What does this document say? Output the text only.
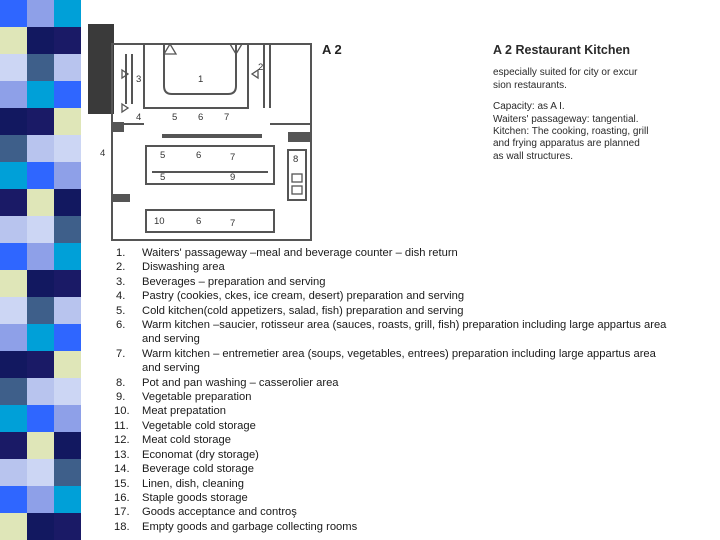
1
2
3
4
4
5 6 7
5	6	7
5	9
8
10	6	7
A 2	A 2 Restaurant Kitchen
especially suited for city or excur
sion restaurants.
Capacity: as A I.
Waiters' passageway: tangential.
Kitchen: The cooking, roasting, grill
and frying apparatus are planned
as wall structures.
1. Waiters' passageway –meal and beverage counter – dish return
2. Diswashing area
3. Beverages – preparation and serving
4. Pastry (cookies, ckes, ice cream, desert) preparation and serving
5. Cold kitchen(cold appetizers, salad, fish) preparation and serving
6. Warm kitchen –saucier, rotisseur area (sauces, roasts, grill, fish) preparation including large appartus area
and serving
7. Warm kitchen – entremetier area (soups, vegetables, entrees) preparation including large appartus area
and serving
8. Pot and pan washing – casserolier area
9. Vegetable preparation
10. Meat prepatation
11. Vegetable cold storage
12. Meat cold storage
13. Economat (dry storage)
14. Beverage cold storage
15. Linen, dish, cleaning
16. Staple goods storage
17. Goods acceptance and controş
18. Empty goods and garbage collecting rooms
